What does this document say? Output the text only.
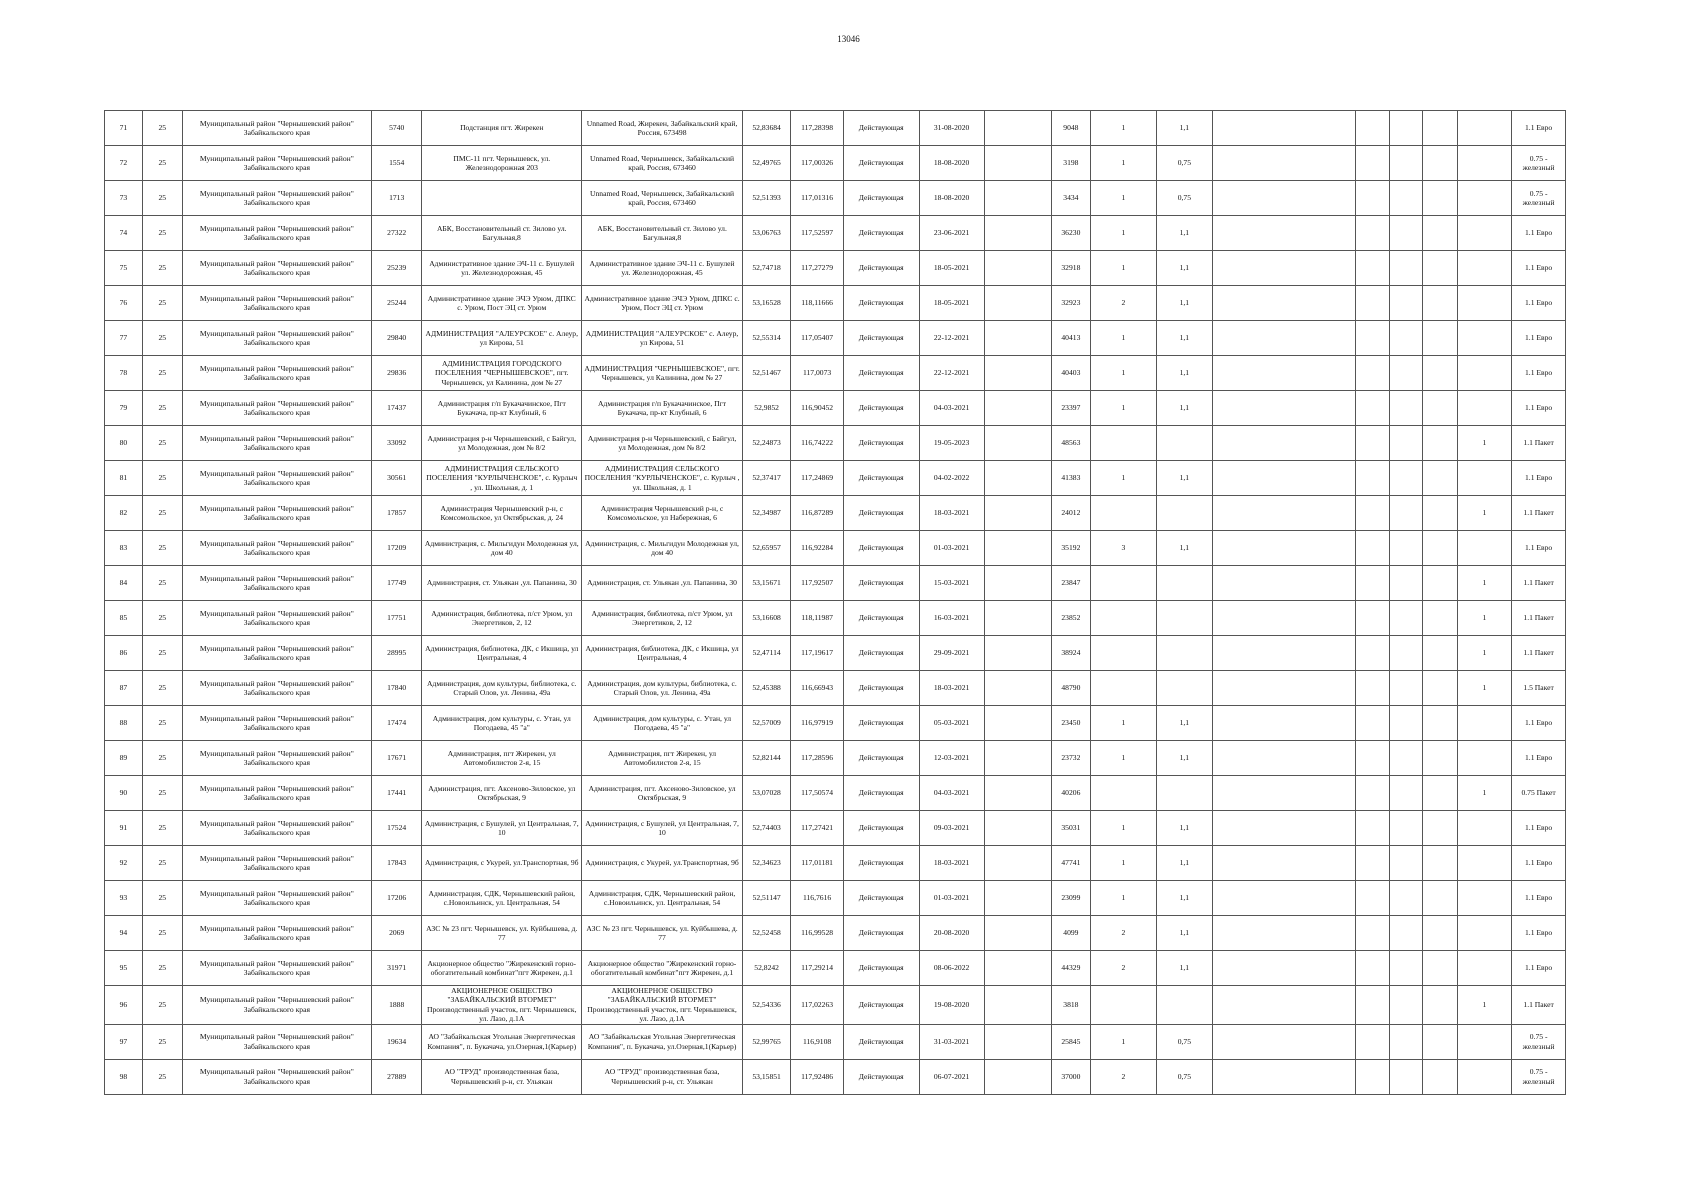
13046
71	25	Муниципальный район "Чернышевский район" Забайкальского края	5740	Подстанция пгт. Жирекен	Unnamed Road, Жирекен, Забайкальский край, Россия, 673498	52,83684	117,28398	Действующая	31-08-2020		9048	1	1,1						1.1 Евро
72	25	Муниципальный район "Чернышевский район" Забайкальского края	1554	ПМС-11 пгт. Чернышевск, ул. Железнодорожная 203	Unnamed Road, Чернышевск, Забайкальский край, Россия, 673460	52,49765	117,00326	Действующая	18-08-2020		3198	1	0,75						0.75 - железный
73	25	Муниципальный район "Чернышевский район" Забайкальского края	1713		Unnamed Road, Чернышевск, Забайкальский край, Россия, 673460	52,51393	117,01316	Действующая	18-08-2020		3434	1	0,75						0.75 - железный
74	25	Муниципальный район "Чернышевский район" Забайкальского края	27322	АБК, Восстановительный ст. Зилово ул. Багульная,8	АБК, Восстановительный ст. Зилово ул. Багульная,8	53,06763	117,52597	Действующая	23-06-2021		36230	1	1,1						1.1 Евро
75	25	Муниципальный район "Чернышевский район" Забайкальского края	25239	Административное здание ЭЧ-11 с. Бушулей ул. Железнодорожная, 45	Административное здание ЭЧ-11 с. Бушулей ул. Железнодорожная, 45	52,74718	117,27279	Действующая	18-05-2021		32918	1	1,1						1.1 Евро
76	25	Муниципальный район "Чернышевский район" Забайкальского края	25244	Административное здание ЭЧЭ Урюм, ДПКС с. Урюм, Пост ЭЦ ст. Урюм	Административное здание ЭЧЭ Урюм, ДПКС с. Урюм, Пост ЭЦ ст. Урюм	53,16528	118,11666	Действующая	18-05-2021		32923	2	1,1						1.1 Евро
77	25	Муниципальный район "Чернышевский район" Забайкальского края	29840	АДМИНИСТРАЦИЯ "АЛЕУРСКОЕ" с. Алеур, ул Кирова, 51	АДМИНИСТРАЦИЯ "АЛЕУРСКОЕ" с. Алеур, ул Кирова, 51	52,55314	117,05407	Действующая	22-12-2021		40413	1	1,1						1.1 Евро
78	25	Муниципальный район "Чернышевский район" Забайкальского края	29836	АДМИНИСТРАЦИЯ ГОРОДСКОГО ПОСЕЛЕНИЯ "ЧЕРНЫШЕВСКОЕ", пгт. Чернышевск, ул Калинина, дом № 27	АДМИНИСТРАЦИЯ "ЧЕРНЫШЕВСКОЕ", пгт. Чернышевск, ул Калинина, дом № 27	52,51467	117,0073	Действующая	22-12-2021		40403	1	1,1						1.1 Евро
79	25	Муниципальный район "Чернышевский район" Забайкальского края	17437	Администрация г/п Букачачинское, Пгт Букачача, пр-кт Клубный, 6	Администрация г/п Букачачинское, Пгт Букачача, пр-кт Клубный, 6	52,9852	116,90452	Действующая	04-03-2021		23397	1	1,1						1.1 Евро
80	25	Муниципальный район "Чернышевский район" Забайкальского края	33092	Администрация р-н Чернышевский, с Байгул, ул Молодежная, дом № 8/2	Администрация р-н Чернышевский, с Байгул, ул Молодежная, дом № 8/2	52,24873	116,74222	Действующая	19-05-2023		48563							1	1.1 Пакет
81	25	Муниципальный район "Чернышевский район" Забайкальского края	30561	АДМИНИСТРАЦИЯ СЕЛЬСКОГО ПОСЕЛЕНИЯ "КУРЛЫЧЕНСКОЕ", с. Курлыч , ул. Школьная, д. 1	АДМИНИСТРАЦИЯ СЕЛЬСКОГО ПОСЕЛЕНИЯ "КУРЛЫЧЕНСКОЕ", с. Курлыч , ул. Школьная, д. 1	52,37417	117,24869	Действующая	04-02-2022		41383	1	1,1						1.1 Евро
82	25	Муниципальный район "Чернышевский район" Забайкальского края	17857	Администрация Чернышевский р-н, с Комсомольское, ул Октябрьская, д. 24	Администрация Чернышевский р-н, с Комсомольское, ул Набережная, 6	52,34987	116,87289	Действующая	18-03-2021		24012							1	1.1 Пакет
83	25	Муниципальный район "Чернышевский район" Забайкальского края	17209	Администрация, с. Мильгидун Молодежная ул, дом 40	Администрация, с. Мильгидун Молодежная ул, дом 40	52,65957	116,92284	Действующая	01-03-2021		35192	3	1,1						1.1 Евро
84	25	Муниципальный район "Чернышевский район" Забайкальского края	17749	Администрация, ст. Ульякан ,ул. Папанина, 30	Администрация, ст. Ульякан ,ул. Папанина, 30	53,15671	117,92507	Действующая	15-03-2021		23847							1	1.1 Пакет
85	25	Муниципальный район "Чернышевский район" Забайкальского края	17751	Администрация, библиотека, п/ст Урюм, ул Энергетиков, 2, 12	Администрация, библиотека, п/ст Урюм, ул Энергетиков, 2, 12	53,16608	118,11987	Действующая	16-03-2021		23852							1	1.1 Пакет
86	25	Муниципальный район "Чернышевский район" Забайкальского края	28995	Администрация, библиотека, ДК, с Икшица, ул Центральная, 4	Администрация, библиотека, ДК, с Икшица, ул Центральная, 4	52,47114	117,19617	Действующая	29-09-2021		38924							1	1.1 Пакет
87	25	Муниципальный район "Чернышевский район" Забайкальского края	17840	Администрация, дом культуры, библиотека, с. Старый Олов, ул. Ленина, 49а	Администрация, дом культуры, библиотека, с. Старый Олов, ул. Ленина, 49а	52,45388	116,66943	Действующая	18-03-2021		48790							1	1.5 Пакет
88	25	Муниципальный район "Чернышевский район" Забайкальского края	17474	Администрация, дом культуры, с. Утан, ул Погодаева, 45 "а"	Администрация, дом культуры, с. Утан, ул Погодаева, 45 "а"	52,57009	116,97919	Действующая	05-03-2021		23450	1	1,1						1.1 Евро
89	25	Муниципальный район "Чернышевский район" Забайкальского края	17671	Администрация, пгт Жирекен, ул Автомобилистов 2-я, 15	Администрация, пгт Жирекен, ул Автомобилистов 2-я, 15	52,82144	117,28596	Действующая	12-03-2021		23732	1	1,1						1.1 Евро
90	25	Муниципальный район "Чернышевский район" Забайкальского края	17441	Администрация, пгт. Аксеново-Зиловское, ул Октябрьская, 9	Администрация, пгт. Аксеново-Зиловское, ул Октябрьская, 9	53,07028	117,50574	Действующая	04-03-2021		40206							1	0.75 Пакет
91	25	Муниципальный район "Чернышевский район" Забайкальского края	17524	Администрация, с Бушулей, ул Центральная, 7, 10	Администрация, с Бушулей, ул Центральная, 7, 10	52,74403	117,27421	Действующая	09-03-2021		35031	1	1,1						1.1 Евро
92	25	Муниципальный район "Чернышевский район" Забайкальского края	17843	Администрация, с Укурей, ул.Транспортная, 9б	Администрация, с Укурей, ул.Транспортная, 9б	52,34623	117,01181	Действующая	18-03-2021		47741	1	1,1						1.1 Евро
93	25	Муниципальный район "Чернышевский район" Забайкальского края	17206	Администрация, СДК, Чернышевский район, с.Новоильинск, ул. Центральная, 54	Администрация, СДК, Чернышевский район, с.Новоильинск, ул. Центральная, 54	52,51147	116,7616	Действующая	01-03-2021		23099	1	1,1						1.1 Евро
94	25	Муниципальный район "Чернышевский район" Забайкальского края	2069	АЗС № 23 пгт. Чернышевск, ул. Куйбышева, д. 77	АЗС № 23 пгт. Чернышевск, ул. Куйбышева, д. 77	52,52458	116,99528	Действующая	20-08-2020		4099	2	1,1						1.1 Евро
95	25	Муниципальный район "Чернышевский район" Забайкальского края	31971	Акционерное общество "Жирекенский горно-обогатительный комбинат"пгт Жирекен, д.1	Акционерное общество "Жирекенский горно-обогатительный комбинат"пгт Жирекен, д.1	52,8242	117,29214	Действующая	08-06-2022		44329	2	1,1						1.1 Евро
96	25	Муниципальный район "Чернышевский район" Забайкальского края	1888	АКЦИОНЕРНОЕ ОБЩЕСТВО "ЗАБАЙКАЛЬСКИЙ ВТОРМЕТ" Производственный участок, пгт. Чернышевск, ул. Лазо, д.1А	АКЦИОНЕРНОЕ ОБЩЕСТВО "ЗАБАЙКАЛЬСКИЙ ВТОРМЕТ" Производственный участок, пгт. Чернышевск, ул. Лазо, д.1А	52,54336	117,02263	Действующая	19-08-2020		3818							1	1.1 Пакет
97	25	Муниципальный район "Чернышевский район" Забайкальского края	19634	АО "Забайкальская Угольная Энергетическая Компания", п. Букачача, ул.Озерная,1(Карьер)	АО "Забайкальская Угольная Энергетическая Компания", п. Букачача, ул.Озерная,1(Карьер)	52,99765	116,9108	Действующая	31-03-2021		25845	1	0,75						0.75 - железный
98	25	Муниципальный район "Чернышевский район" Забайкальского края	27889	АО "ТРУД" производственная база, Чернышевский р-н, ст. Ульякан	АО "ТРУД" производственная база, Чернышевский р-н, ст. Ульякан	53,15851	117,92486	Действующая	06-07-2021		37000	2	0,75						0.75 - железный
